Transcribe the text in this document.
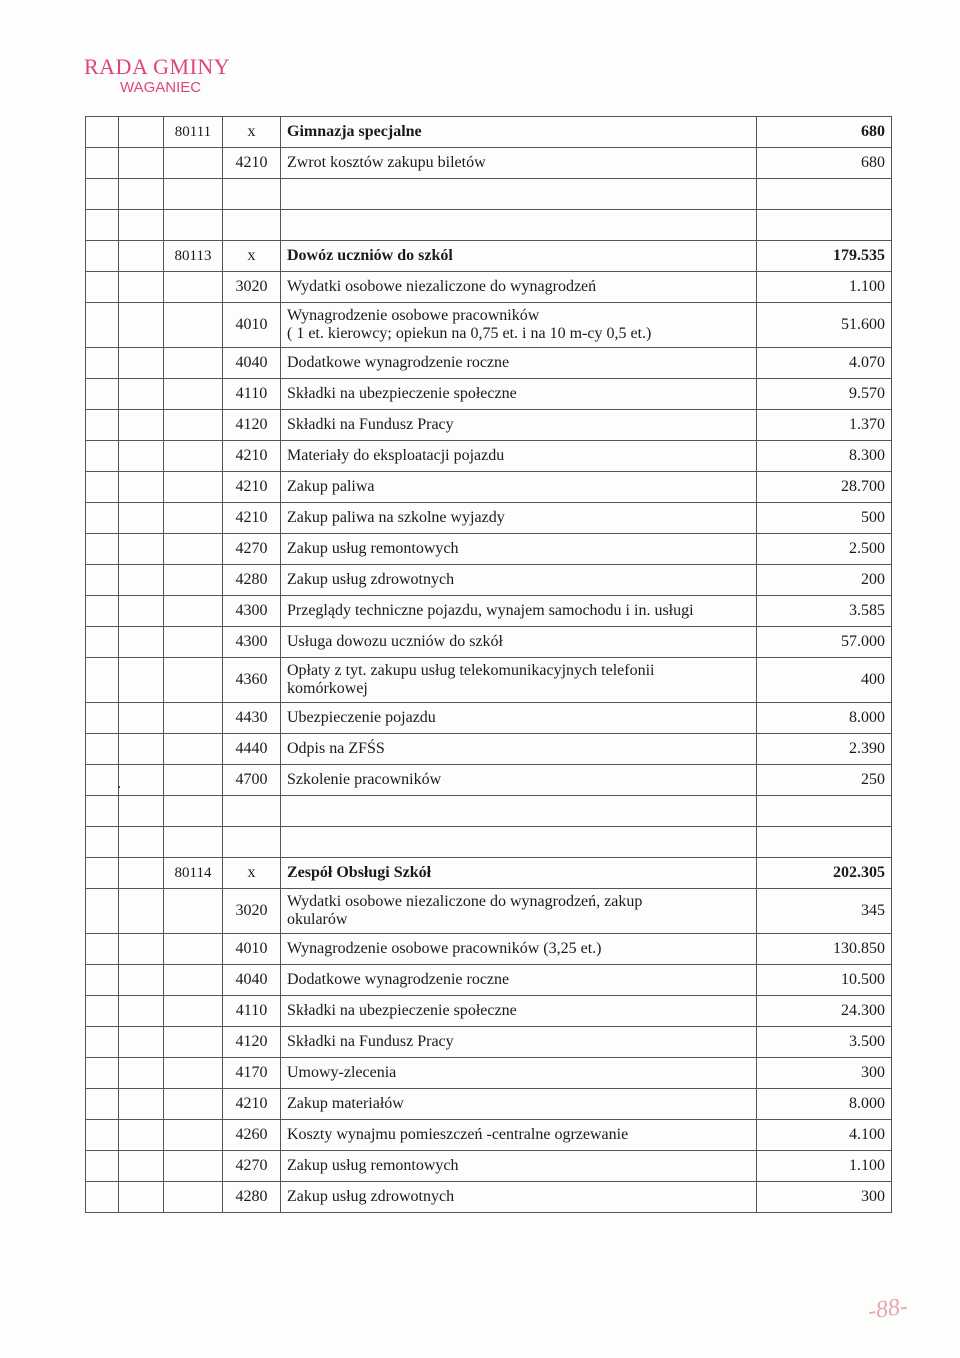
RADA GMINY
WAGANIEC
		80111	x	Gimnazja specjalne	680
			4210	Zwrot kosztów zakupu biletów	680

		80113	x	Dowóz uczniów do szkól	179.535
			3020	Wydatki osobowe niezaliczone do wynagrodzeń	1.100
			4010	Wynagrodzenie osobowe pracowników
( 1 et. kierowcy; opiekun na 0,75 et. i na 10 m-cy 0,5 et.)	51.600
			4040	Dodatkowe wynagrodzenie roczne	4.070
			4110	Składki na ubezpieczenie społeczne	9.570
			4120	Składki na Fundusz Pracy	1.370
			4210	Materiały do eksploatacji pojazdu	8.300
			4210	Zakup paliwa	28.700
			4210	Zakup paliwa na szkolne wyjazdy	500
			4270	Zakup usług remontowych	2.500
			4280	Zakup usług zdrowotnych	200
			4300	Przeglądy techniczne pojazdu, wynajem samochodu i in. usługi	3.585
			4300	Usługa dowozu uczniów do szkół	57.000
			4360	Opłaty z tyt. zakupu usług telekomunikacyjnych telefonii
komórkowej	400
			4430	Ubezpieczenie pojazdu	8.000
			4440	Odpis na ZFŚS	2.390
			4700	Szkolenie pracowników	250

		80114	x	Zespół Obsługi Szkół	202.305
			3020	Wydatki osobowe niezaliczone do wynagrodzeń, zakup
okularów	345
			4010	Wynagrodzenie osobowe pracowników (3,25 et.)	130.850
			4040	Dodatkowe wynagrodzenie roczne	10.500
			4110	Składki na ubezpieczenie społeczne	24.300
			4120	Składki na Fundusz Pracy	3.500
			4170	Umowy-zlecenia	300
			4210	Zakup materiałów	8.000
			4260	Koszty wynajmu pomieszczeń -centralne ogrzewanie	4.100
			4270	Zakup usług remontowych	1.100
			4280	Zakup usług zdrowotnych	300
-88-
